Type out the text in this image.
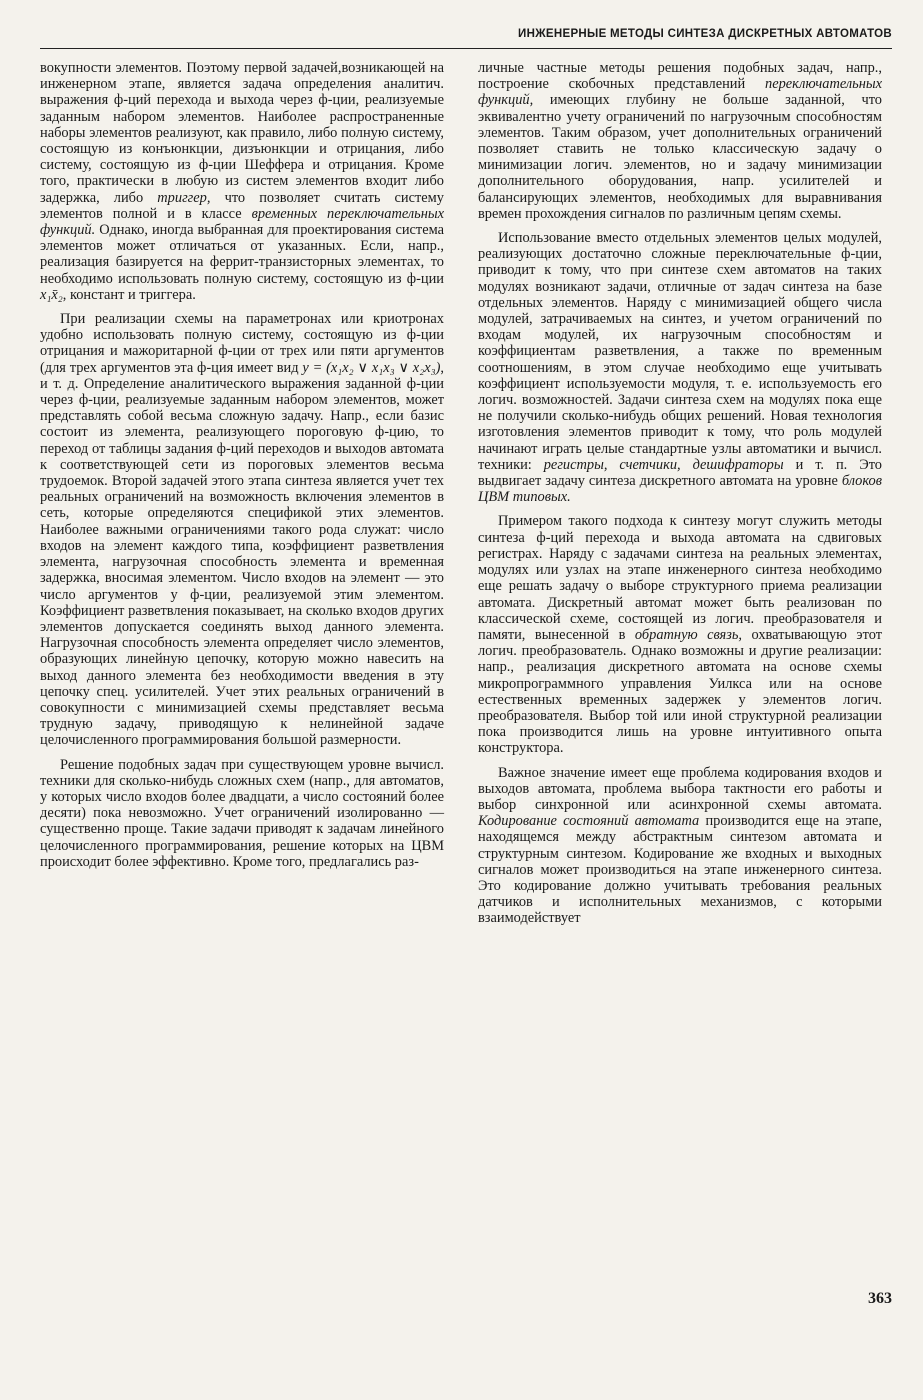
ИНЖЕНЕРНЫЕ МЕТОДЫ СИНТЕЗА ДИСКРЕТНЫХ АВТОМАТОВ

вокупности элементов. Поэтому первой задачей,возникающей на инженерном этапе, является задача определения аналитич. выражения ф-ций перехода и выхода через ф-ции, реализуемые заданным набором элементов. Наиболее распространенные наборы элементов реализуют, как правило, либо полную систему, состоящую из конъюнкции, дизъюнкции и отрицания, либо систему, состоящую из ф-ции Шеффера и отрицания. Кроме того, практически в любую из систем элементов входит либо задержка, либо триггер, что позволяет считать систему элементов полной и в классе временных переключательных функций. Однако, иногда выбранная для проектирования система элементов может отличаться от указанных. Если, напр., реализация базируется на феррит-транзисторных элементах, то необходимо использовать полную систему, состоящую из ф-ции x₁x̄₂, констант и триггера.

При реализации схемы на параметронах или криотронах удобно использовать полную систему, состоящую из ф-ции отрицания и мажоритарной ф-ции от трех или пяти аргументов (для трех аргументов эта ф-ция имеет вид y = (x₁x₂ ∨ x₁x₃ ∨ x₂x₃), и т. д. Определение аналитического выражения заданной ф-ции через ф-ции, реализуемые заданным набором элементов, может представлять собой весьма сложную задачу. Напр., если базис состоит из элемента, реализующего пороговую ф-цию, то переход от таблицы задания ф-ций переходов и выходов автомата к соответствующей сети из пороговых элементов весьма трудоемок. Второй задачей этого этапа синтеза является учет тех реальных ограничений на возможность включения элементов в сеть, которые определяются спецификой этих элементов. Наиболее важными ограничениями такого рода служат: число входов на элемент каждого типа, коэффициент разветвления элемента, нагрузочная способность элемента и временная задержка, вносимая элементом. Число входов на элемент — это число аргументов у ф-ции, реализуемой этим элементом. Коэффициент разветвления показывает, на сколько входов других элементов допускается соединять выход данного элемента. Нагрузочная способность элемента определяет число элементов, образующих линейную цепочку, которую можно навесить на выход данного элемента без необходимости введения в эту цепочку спец. усилителей. Учет этих реальных ограничений в совокупности с минимизацией схемы представляет весьма трудную задачу, приводящую к нелинейной задаче целочисленного программирования большой размерности.

Решение подобных задач при существующем уровне вычисл. техники для сколько-нибудь сложных схем (напр., для автоматов, у которых число входов более двадцати, а число состояний более десяти) пока невозможно. Учет ограничений изолированно — существенно проще. Такие задачи приводят к задачам линейного целочисленного программирования, решение которых на ЦВМ происходит более эффективно. Кроме того, предлагались раз-

личные частные методы решения подобных задач, напр., построение скобочных представлений переключательных функций, имеющих глубину не больше заданной, что эквивалентно учету ограничений по нагрузочным способностям элементов. Таким образом, учет дополнительных ограничений позволяет ставить не только классическую задачу о минимизации логич. элементов, но и задачу минимизации дополнительного оборудования, напр. усилителей и балансирующих элементов, необходимых для выравнивания времен прохождения сигналов по различным цепям схемы.

Использование вместо отдельных элементов целых модулей, реализующих достаточно сложные переключательные ф-ции, приводит к тому, что при синтезе схем автоматов на таких модулях возникают задачи, отличные от задач синтеза на базе отдельных элементов. Наряду с минимизацией общего числа модулей, затрачиваемых на синтез, и учетом ограничений по входам модулей, их нагрузочным способностям и коэффициентам разветвления, а также по временным соотношениям, в этом случае необходимо еще учитывать коэффициент используемости модуля, т. е. используемость его логич. возможностей. Задачи синтеза схем на модулях пока еще не получили сколько-нибудь общих решений. Новая технология изготовления элементов приводит к тому, что роль модулей начинают играть целые стандартные узлы автоматики и вычисл. техники: регистры, счетчики, дешифраторы и т. п. Это выдвигает задачу синтеза дискретного автомата на уровне блоков ЦВМ типовых.

Примером такого подхода к синтезу могут служить методы синтеза ф-ций перехода и выхода автомата на сдвиговых регистрах. Наряду с задачами синтеза на реальных элементах, модулях или узлах на этапе инженерного синтеза необходимо еще решать задачу о выборе структурного приема реализации автомата. Дискретный автомат может быть реализован по классической схеме, состоящей из логич. преобразователя и памяти, вынесенной в обратную связь, охватывающую этот логич. преобразователь. Однако возможны и другие реализации: напр., реализация дискретного автомата на основе схемы микропрограммного управления Уилкса или на основе естественных временных задержек у элементов логич. преобразователя. Выбор той или иной структурной реализации пока производится лишь на уровне интуитивного опыта конструктора.

Важное значение имеет еще проблема кодирования входов и выходов автомата, проблема выбора тактности его работы и выбор синхронной или асинхронной схемы автомата. Кодирование состояний автомата производится еще на этапе, находящемся между абстрактным синтезом автомата и структурным синтезом. Кодирование же входных и выходных сигналов может производиться на этапе инженерного синтеза. Это кодирование должно учитывать требования реальных датчиков и исполнительных механизмов, с которыми взаимодействует

363
